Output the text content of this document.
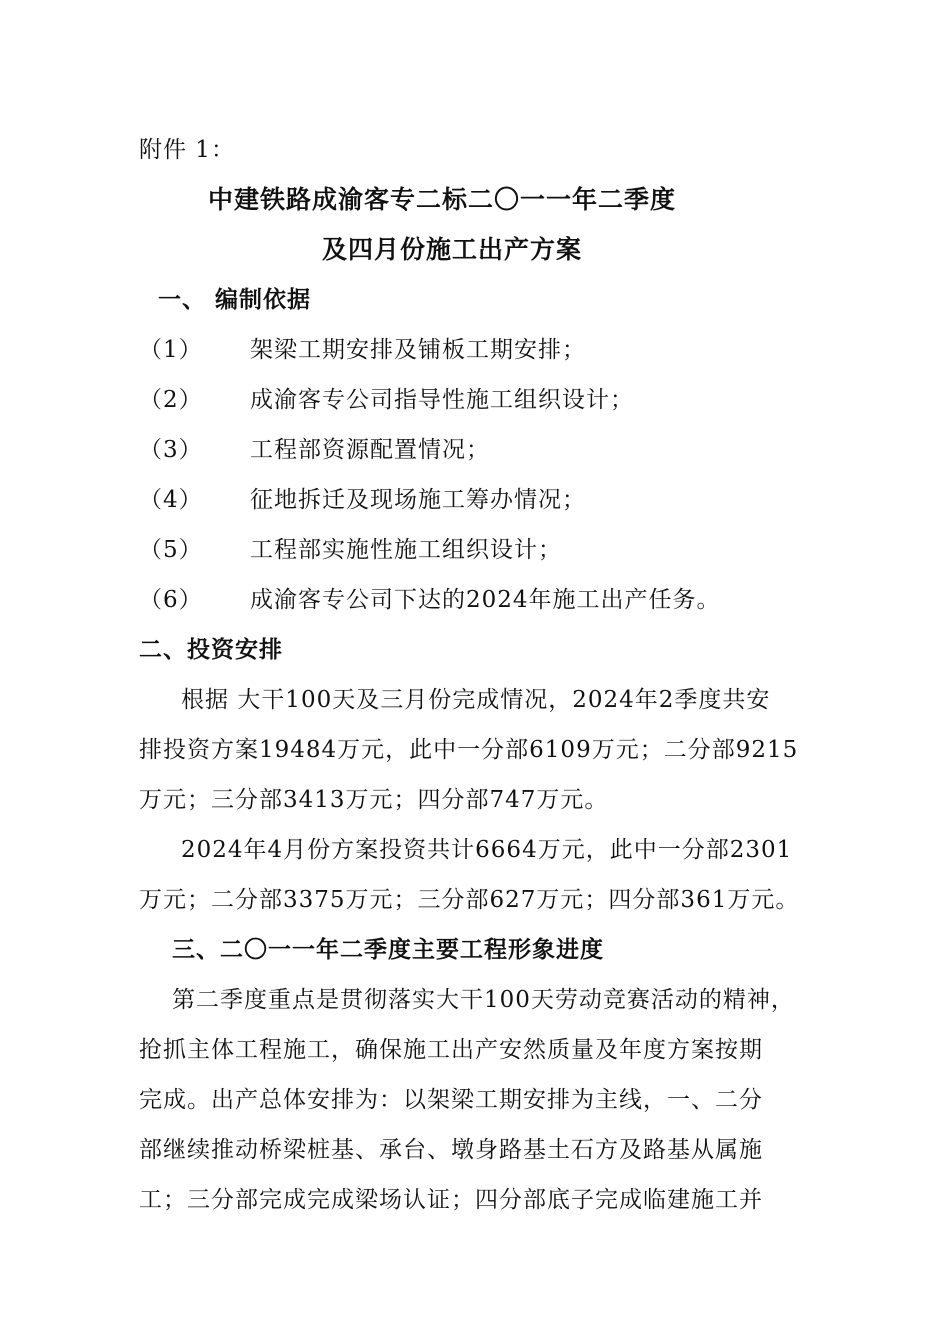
附件 1：
中建铁路成渝客专二标二〇一一年二季度
及四月份施工出产方案
一、 编制依据
（1） 架梁工期安排及铺板工期安排；
（2） 成渝客专公司指导性施工组织设计；
（3） 工程部资源配置情况；
（4） 征地拆迁及现场施工筹办情况；
（5） 工程部实施性施工组织设计；
（6） 成渝客专公司下达的2024年施工出产任务。
二、投资安排
根据 大干100天及三月份完成情况，2024年2季度共安
排投资方案19484万元，此中一分部6109万元；二分部9215
万元；三分部3413万元；四分部747万元。
2024年4月份方案投资共计6664万元，此中一分部2301
万元；二分部3375万元；三分部627万元；四分部361万元。
三、二〇一一年二季度主要工程形象进度
第二季度重点是贯彻落实大干100天劳动竞赛活动的精神，
抢抓主体工程施工，确保施工出产安然质量及年度方案按期
完成。出产总体安排为：以架梁工期安排为主线，一、二分
部继续推动桥梁桩基、承台、墩身路基土石方及路基从属施
工；三分部完成完成梁场认证；四分部底子完成临建施工并
